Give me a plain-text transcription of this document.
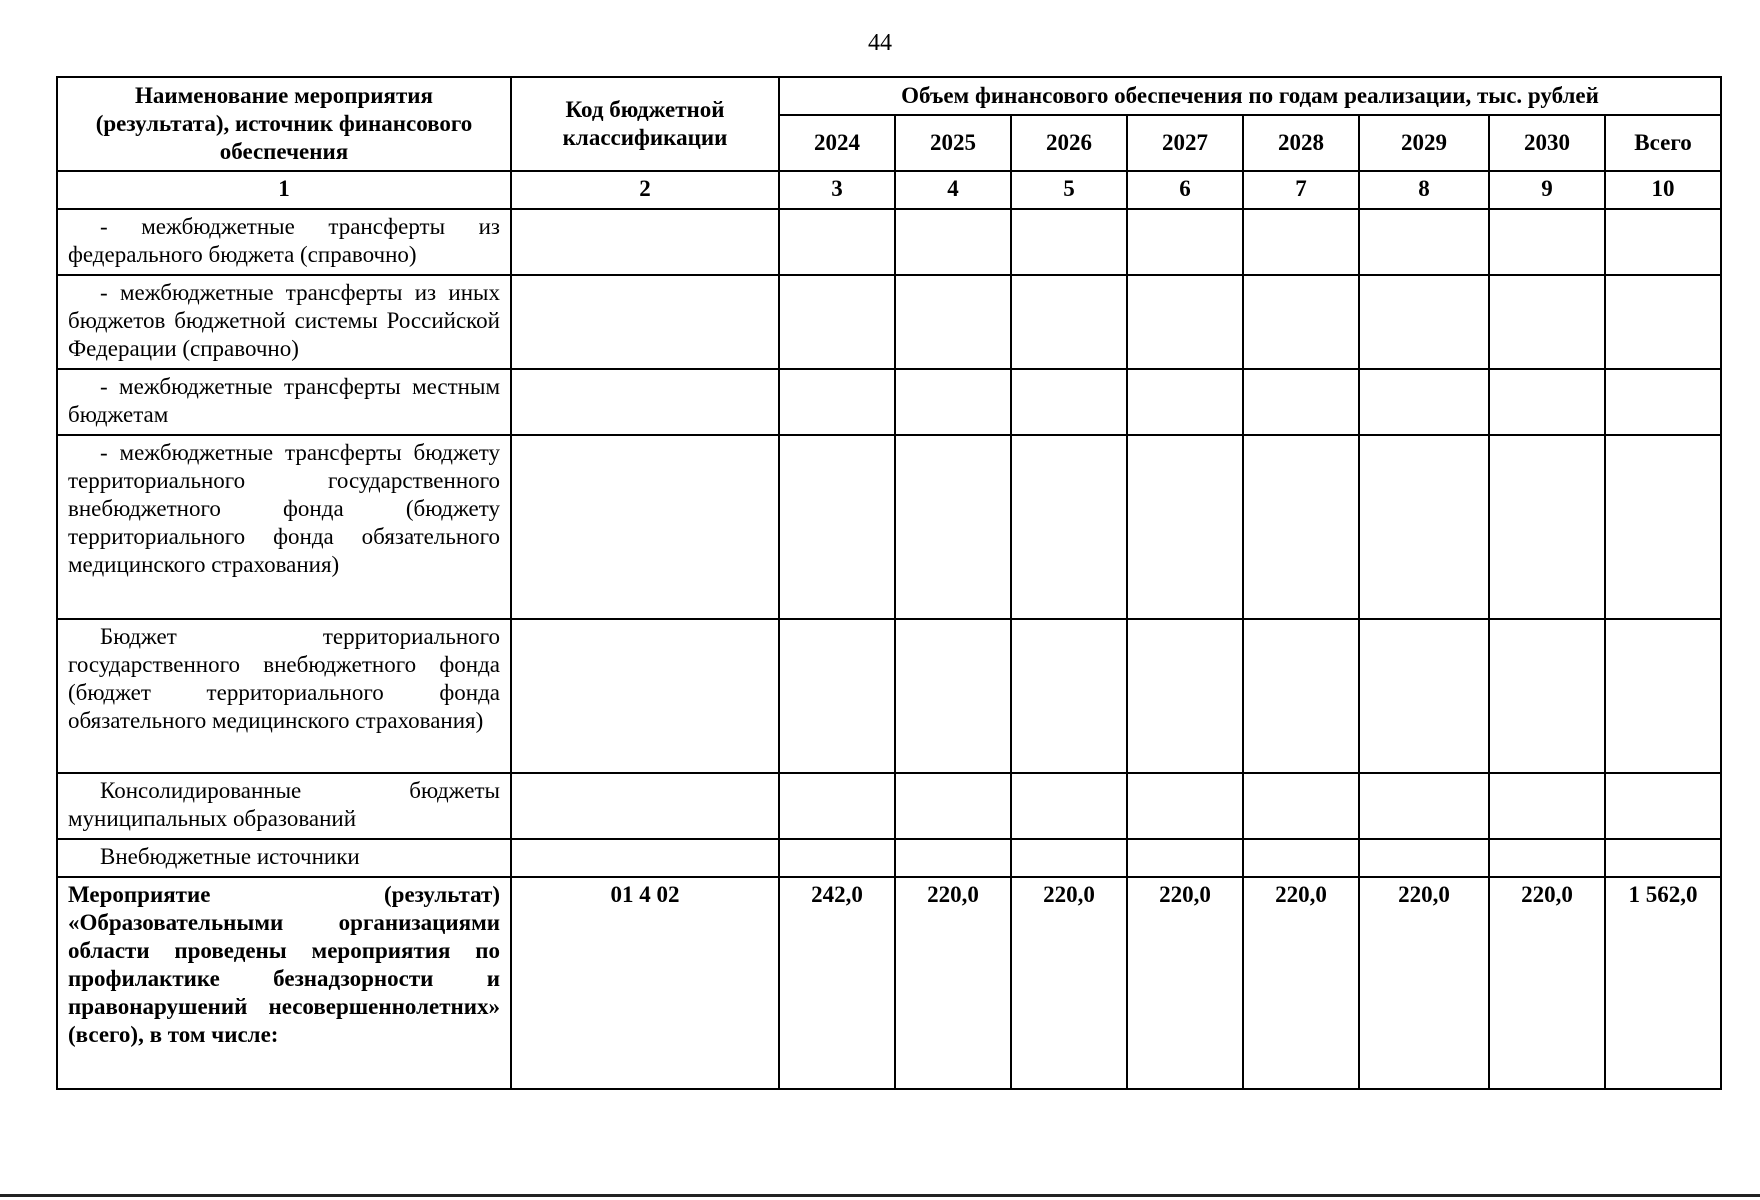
44
Наименование мероприятия (результата), источник финансового обеспечения	Код бюджетной классификации	Объем финансового обеспечения по годам реализации, тыс. рублей							
		2024	2025	2026	2027	2028	2029	2030	Всего
1	2	3	4	5	6	7	8	9	10
- межбюджетные трансферты из федерального бюджета (справочно)									
- межбюджетные трансферты из иных бюджетов бюджетной системы Российской Федерации (справочно)									
- межбюджетные трансферты местным бюджетам									
- межбюджетные трансферты бюджету территориального государственного внебюджетного фонда (бюджету территориального фонда обязательного медицинского страхования)									
Бюджет территориального государственного внебюджетного фонда (бюджет территориального фонда обязательного медицинского страхования)									
Консолидированные бюджеты муниципальных образований									
Внебюджетные источники									
Мероприятие (результат) «Образовательными организациями области проведены мероприятия по профилактике безнадзорности и правонарушений несовершеннолетних» (всего), в том числе:	01 4 02	242,0	220,0	220,0	220,0	220,0	220,0	220,0	1 562,0
